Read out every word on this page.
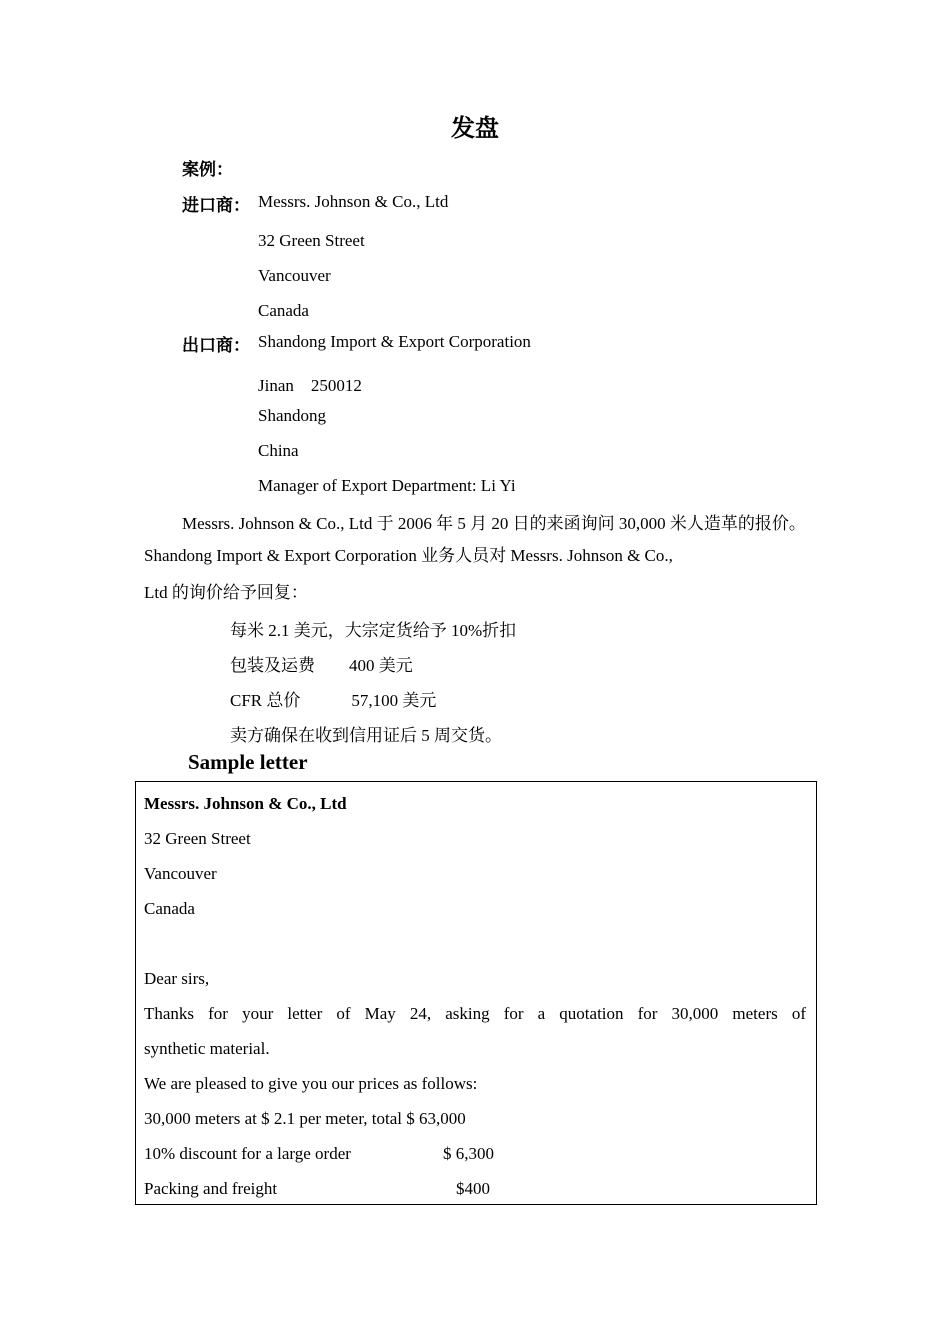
发盘
案例：
进口商： Messrs. Johnson & Co., Ltd
32 Green Street
Vancouver
Canada
出口商： Shandong Import & Export Corporation
Jinan　250012
Shandong
China
Manager of Export Department: Li Yi
Messrs. Johnson & Co., Ltd 于 2006 年 5 月 20 日的来函询问 30,000 米人造革的报价。Shandong Import & Export Corporation 业务人员对 Messrs. Johnson & Co.,
Ltd 的询价给予回复：
每米 2.1 美元，大宗定货给予 10%折扣
包装及运费　　400 美元
CFR 总价　　　57,100 美元
卖方确保在收到信用证后 5 周交货。
Sample letter
Messrs. Johnson & Co., Ltd
32 Green Street
Vancouver
Canada
Dear sirs,
Thanks for your letter of May 24, asking for a quotation for 30,000 meters of
synthetic material.
We are pleased to give you our prices as follows:
30,000 meters at $ 2.1 per meter, total $ 63,000
10% discount for a large order	$ 6,300
Packing and freight	$400
